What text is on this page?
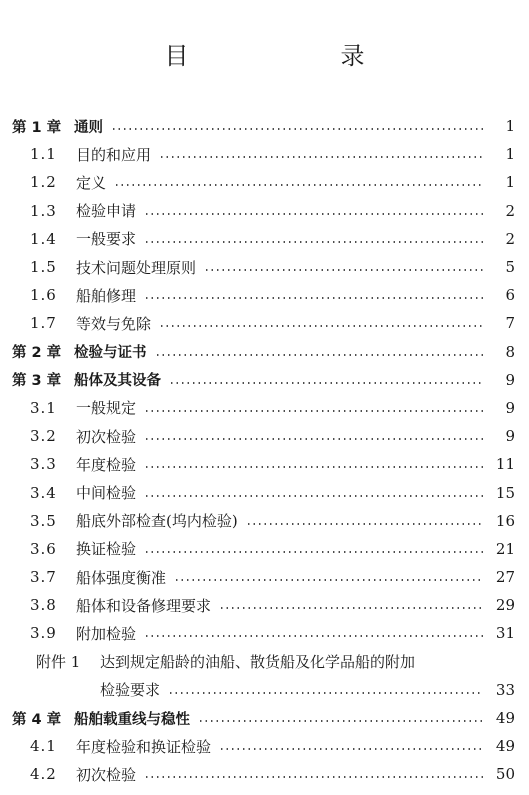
目　录
第 1 章 通则	1
1.1	目的和应用	1
1.2	定义	1
1.3	检验申请	2
1.4	一般要求	2
1.5	技术问题处理原则	5
1.6	船舶修理	6
1.7	等效与免除	7
第 2 章 检验与证书	8
第 3 章 船体及其设备	9
3.1	一般规定	9
3.2	初次检验	9
3.3	年度检验	11
3.4	中间检验	15
3.5	船底外部检查(坞内检验)	16
3.6	换证检验	21
3.7	船体强度衡准	27
3.8	船体和设备修理要求	29
3.9	附加检验	31
附件 1	达到规定船龄的油船、散货船及化学品船的附加
检验要求	33
第 4 章 船舶载重线与稳性	49
4.1	年度检验和换证检验	49
4.2	初次检验	50
